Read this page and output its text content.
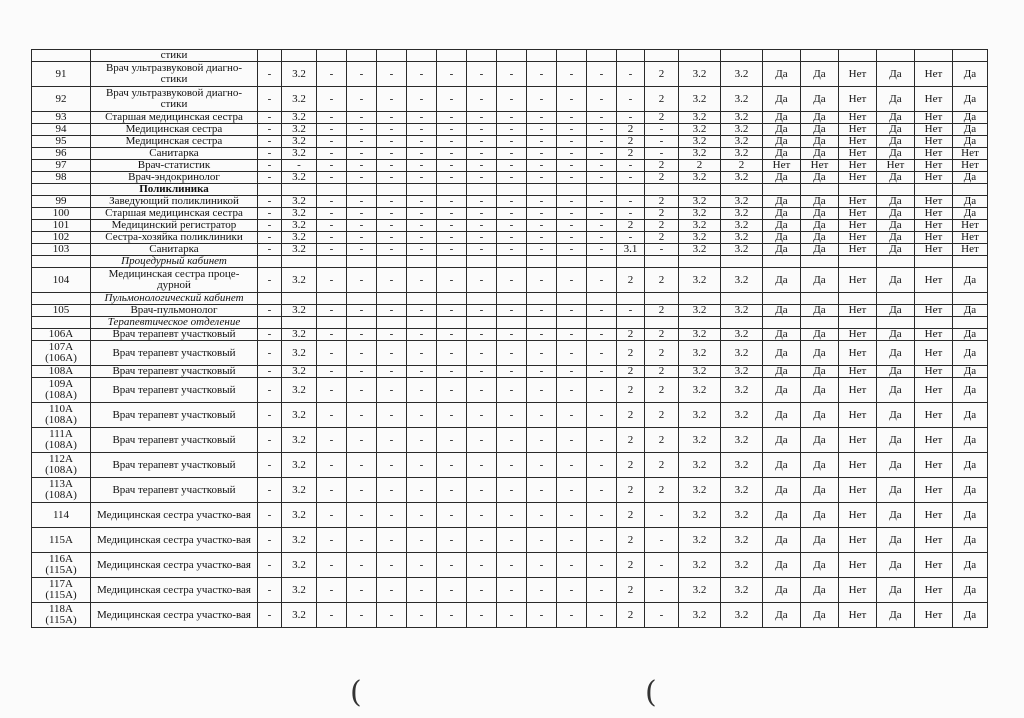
	стики																						
91	Врач ультразвуковой диагно-стики	-	3.2	-	-	-	-	-	-	-	-	-	-	-	2	3.2	3.2	Да	Да	Нет	Да	Нет	Да
92	Врач ультразвуковой диагно-стики	-	3.2	-	-	-	-	-	-	-	-	-	-	-	2	3.2	3.2	Да	Да	Нет	Да	Нет	Да
93	Старшая медицинская сестра	-	3.2	-	-	-	-	-	-	-	-	-	-	-	2	3.2	3.2	Да	Да	Нет	Да	Нет	Да
94	Медицинская сестра	-	3.2	-	-	-	-	-	-	-	-	-	-	2	-	3.2	3.2	Да	Да	Нет	Да	Нет	Да
95	Медицинская сестра	-	3.2	-	-	-	-	-	-	-	-	-	-	2	-	3.2	3.2	Да	Да	Нет	Да	Нет	Да
96	Санитарка	-	3.2	-	-	-	-	-	-	-	-	-	-	2	-	3.2	3.2	Да	Да	Нет	Да	Нет	Нет
97	Врач-статистик	-	-	-	-	-	-	-	-	-	-	-	-	-	2	2	2	Нет	Нет	Нет	Нет	Нет	Нет
98	Врач-эндокринолог	-	3.2	-	-	-	-	-	-	-	-	-	-	-	2	3.2	3.2	Да	Да	Нет	Да	Нет	Да
	Поликлиника																						
99	Заведующий поликлиникой	-	3.2	-	-	-	-	-	-	-	-	-	-	-	2	3.2	3.2	Да	Да	Нет	Да	Нет	Да
100	Старшая медицинская сестра	-	3.2	-	-	-	-	-	-	-	-	-	-	-	2	3.2	3.2	Да	Да	Нет	Да	Нет	Да
101	Медицинский регистратор	-	3.2	-	-	-	-	-	-	-	-	-	-	2	2	3.2	3.2	Да	Да	Нет	Да	Нет	Нет
102	Сестра-хозяйка поликлиники	-	3.2	-	-	-	-	-	-	-	-	-	-	-	2	3.2	3.2	Да	Да	Нет	Да	Нет	Нет
103	Санитарка	-	3.2	-	-	-	-	-	-	-	-	-	-	3.1	-	3.2	3.2	Да	Да	Нет	Да	Нет	Нет
	Процедурный кабинет																						
104	Медицинская сестра проце-дурной	-	3.2	-	-	-	-	-	-	-	-	-	-	2	2	3.2	3.2	Да	Да	Нет	Да	Нет	Да
	Пульмонологический кабинет																						
105	Врач-пульмонолог	-	3.2	-	-	-	-	-	-	-	-	-	-	-	2	3.2	3.2	Да	Да	Нет	Да	Нет	Да
	Терапевтическое отделение																						
106А	Врач терапевт участковый	-	3.2	-	-	-	-	-	-	-	-	-	-	2	2	3.2	3.2	Да	Да	Нет	Да	Нет	Да
107А (106А)	Врач терапевт участковый	-	3.2	-	-	-	-	-	-	-	-	-	-	2	2	3.2	3.2	Да	Да	Нет	Да	Нет	Да
108А	Врач терапевт участковый	-	3.2	-	-	-	-	-	-	-	-	-	-	2	2	3.2	3.2	Да	Да	Нет	Да	Нет	Да
109А (108А)	Врач терапевт участковый	-	3.2	-	-	-	-	-	-	-	-	-	-	2	2	3.2	3.2	Да	Да	Нет	Да	Нет	Да
110А (108А)	Врач терапевт участковый	-	3.2	-	-	-	-	-	-	-	-	-	-	2	2	3.2	3.2	Да	Да	Нет	Да	Нет	Да
111А (108А)	Врач терапевт участковый	-	3.2	-	-	-	-	-	-	-	-	-	-	2	2	3.2	3.2	Да	Да	Нет	Да	Нет	Да
112А (108А)	Врач терапевт участковый	-	3.2	-	-	-	-	-	-	-	-	-	-	2	2	3.2	3.2	Да	Да	Нет	Да	Нет	Да
113А (108А)	Врач терапевт участковый	-	3.2	-	-	-	-	-	-	-	-	-	-	2	2	3.2	3.2	Да	Да	Нет	Да	Нет	Да
114	Медицинская сестра участко-вая	-	3.2	-	-	-	-	-	-	-	-	-	-	2	-	3.2	3.2	Да	Да	Нет	Да	Нет	Да
115А	Медицинская сестра участко-вая	-	3.2	-	-	-	-	-	-	-	-	-	-	2	-	3.2	3.2	Да	Да	Нет	Да	Нет	Да
116А (115А)	Медицинская сестра участко-вая	-	3.2	-	-	-	-	-	-	-	-	-	-	2	-	3.2	3.2	Да	Да	Нет	Да	Нет	Да
117А (115А)	Медицинская сестра участко-вая	-	3.2	-	-	-	-	-	-	-	-	-	-	2	-	3.2	3.2	Да	Да	Нет	Да	Нет	Да
118А (115А)	Медицинская сестра участко-вая	-	3.2	-	-	-	-	-	-	-	-	-	-	2	-	3.2	3.2	Да	Да	Нет	Да	Нет	Да
(	(
